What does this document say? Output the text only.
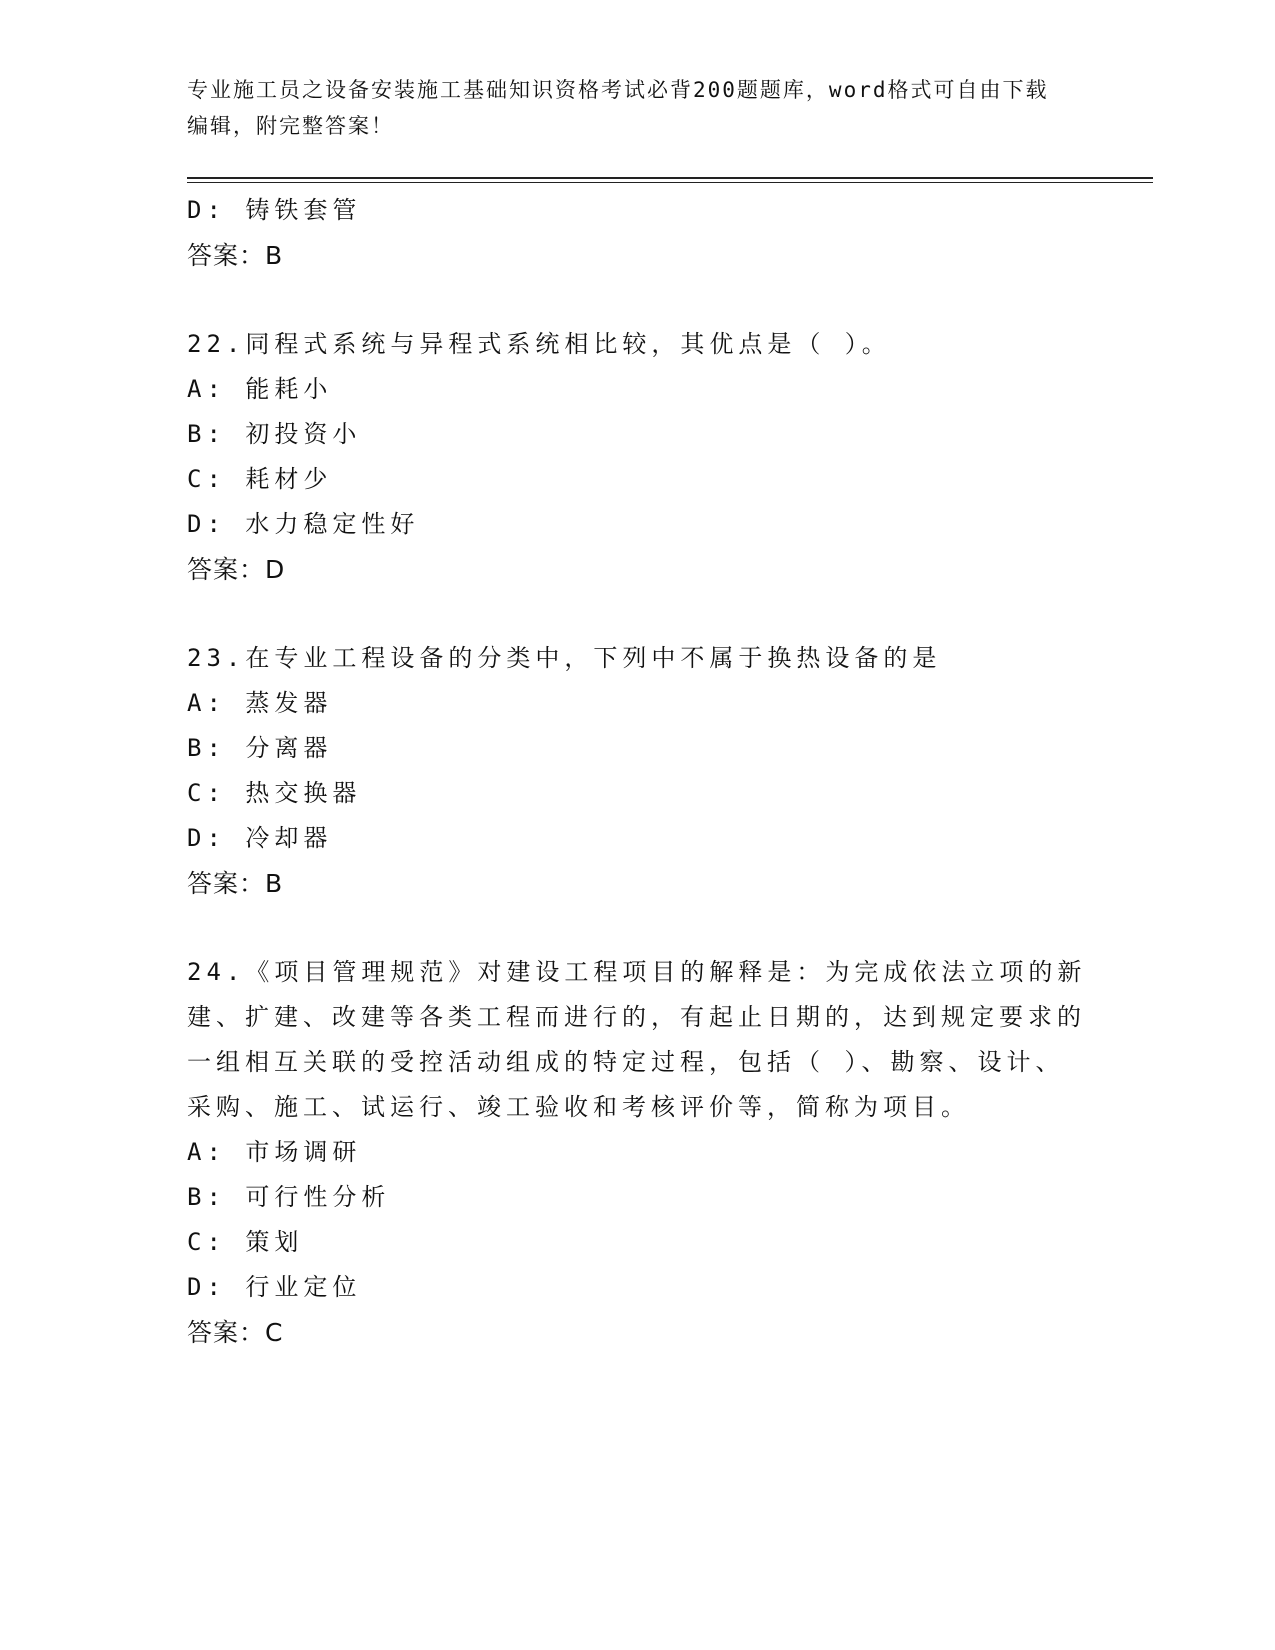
专业施工员之设备安装施工基础知识资格考试必背200题题库，word格式可自由下载编辑，附完整答案！
D: 铸铁套管
答案：B
22.同程式系统与异程式系统相比较，其优点是（ ）。
A: 能耗小
B: 初投资小
C: 耗材少
D: 水力稳定性好
答案：D
23.在专业工程设备的分类中，下列中不属于换热设备的是
A: 蒸发器
B: 分离器
C: 热交换器
D: 冷却器
答案：B
24.《项目管理规范》对建设工程项目的解释是：为完成依法立项的新建、扩建、改建等各类工程而进行的，有起止日期的，达到规定要求的一组相互关联的受控活动组成的特定过程，包括（ ）、勘察、设计、采购、施工、试运行、竣工验收和考核评价等，简称为项目。
A: 市场调研
B: 可行性分析
C: 策划
D: 行业定位
答案：C
